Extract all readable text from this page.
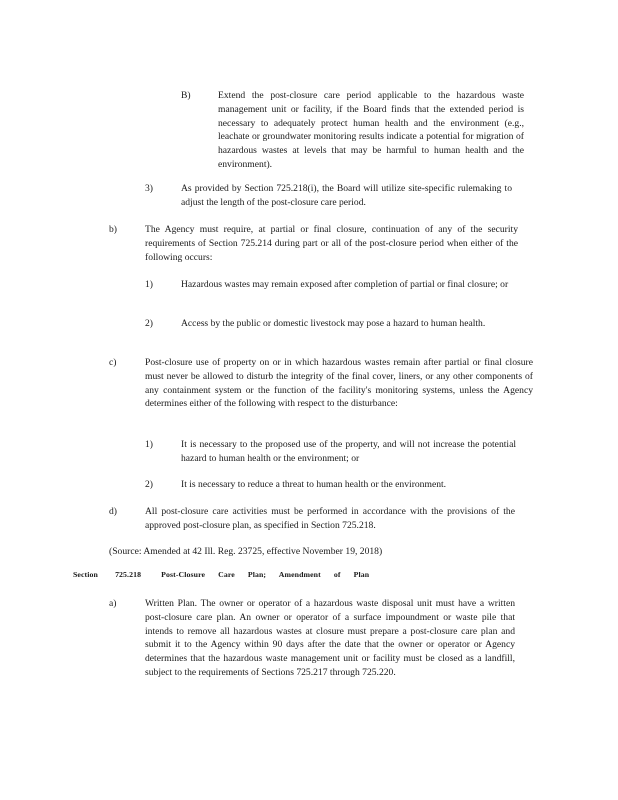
B)	Extend the post-closure care period applicable to the hazardous waste management unit or facility, if the Board finds that the extended period is necessary to adequately protect human health and the environment (e.g., leachate or groundwater monitoring results indicate a potential for migration of hazardous wastes at levels that may be harmful to human health and the environment).
3)	As provided by Section 725.218(i), the Board will utilize site-specific rulemaking to adjust the length of the post-closure care period.
b)	The Agency must require, at partial or final closure, continuation of any of the security requirements of Section 725.214 during part or all of the post-closure period when either of the following occurs:
1)	Hazardous wastes may remain exposed after completion of partial or final closure; or
2)	Access by the public or domestic livestock may pose a hazard to human health.
c)	Post-closure use of property on or in which hazardous wastes remain after partial or final closure must never be allowed to disturb the integrity of the final cover, liners, or any other components of any containment system or the function of the facility's monitoring systems, unless the Agency determines either of the following with respect to the disturbance:
1)	It is necessary to the proposed use of the property, and will not increase the potential hazard to human health or the environment; or
2)	It is necessary to reduce a threat to human health or the environment.
d)	All post-closure care activities must be performed in accordance with the provisions of the approved post-closure plan, as specified in Section 725.218.
(Source: Amended at 42 Ill. Reg. 23725, effective November 19, 2018)
Section 725.218	Post-Closure Care Plan; Amendment of Plan
a)	Written Plan. The owner or operator of a hazardous waste disposal unit must have a written post-closure care plan. An owner or operator of a surface impoundment or waste pile that intends to remove all hazardous wastes at closure must prepare a post-closure care plan and submit it to the Agency within 90 days after the date that the owner or operator or Agency determines that the hazardous waste management unit or facility must be closed as a landfill, subject to the requirements of Sections 725.217 through 725.220.
